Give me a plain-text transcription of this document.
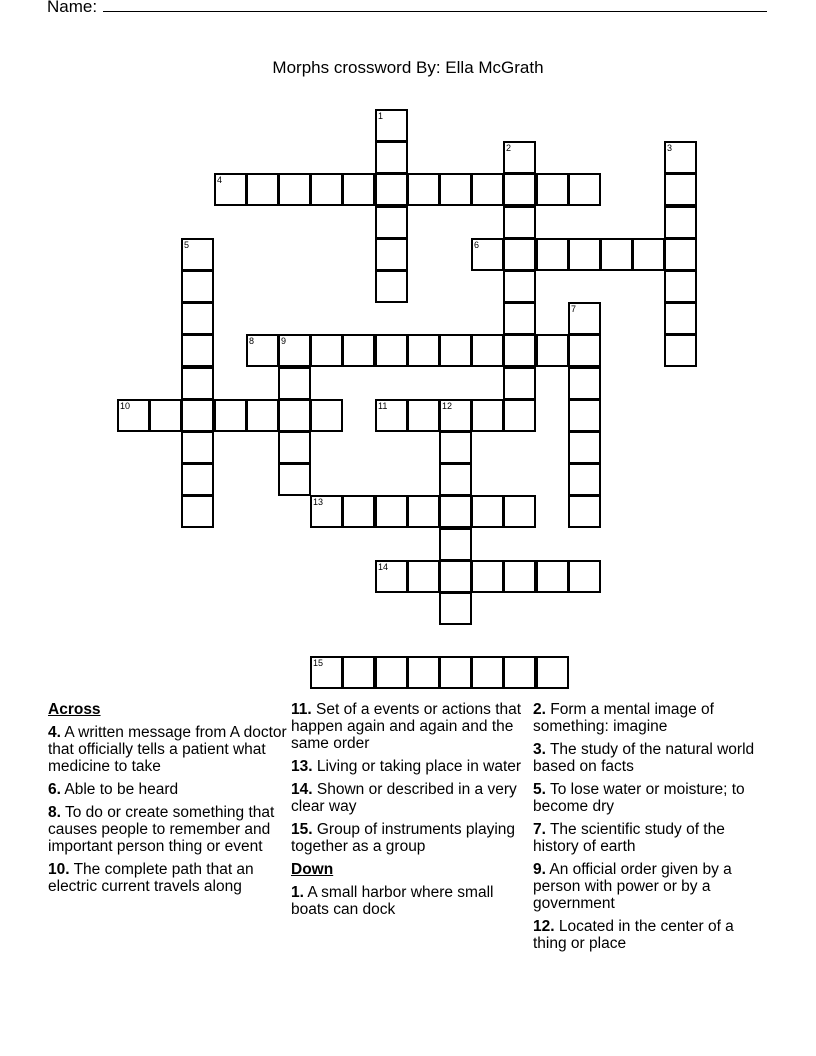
Name:
Morphs crossword By: Ella McGrath
1
2	3
4
5	6
7
8	9
10	11	12
13
14
15
Across
4. A written message from A doctor that officially tells a patient what medicine to take
6. Able to be heard
8. To do or create something that causes people to remember and important person thing or event
10. The complete path that an electric current travels along
11. Set of a events or actions that happen again and again and the same order
13. Living or taking place in water
14. Shown or described in a very clear way
15. Group of instruments playing together as a group
Down
1. A small harbor where small boats can dock
2. Form a mental image of something: imagine
3. The study of the natural world based on facts
5. To lose water or moisture; to become dry
7. The scientific study of the history of earth
9. An official order given by a person with power or by a government
12. Located in the center of a thing or place
